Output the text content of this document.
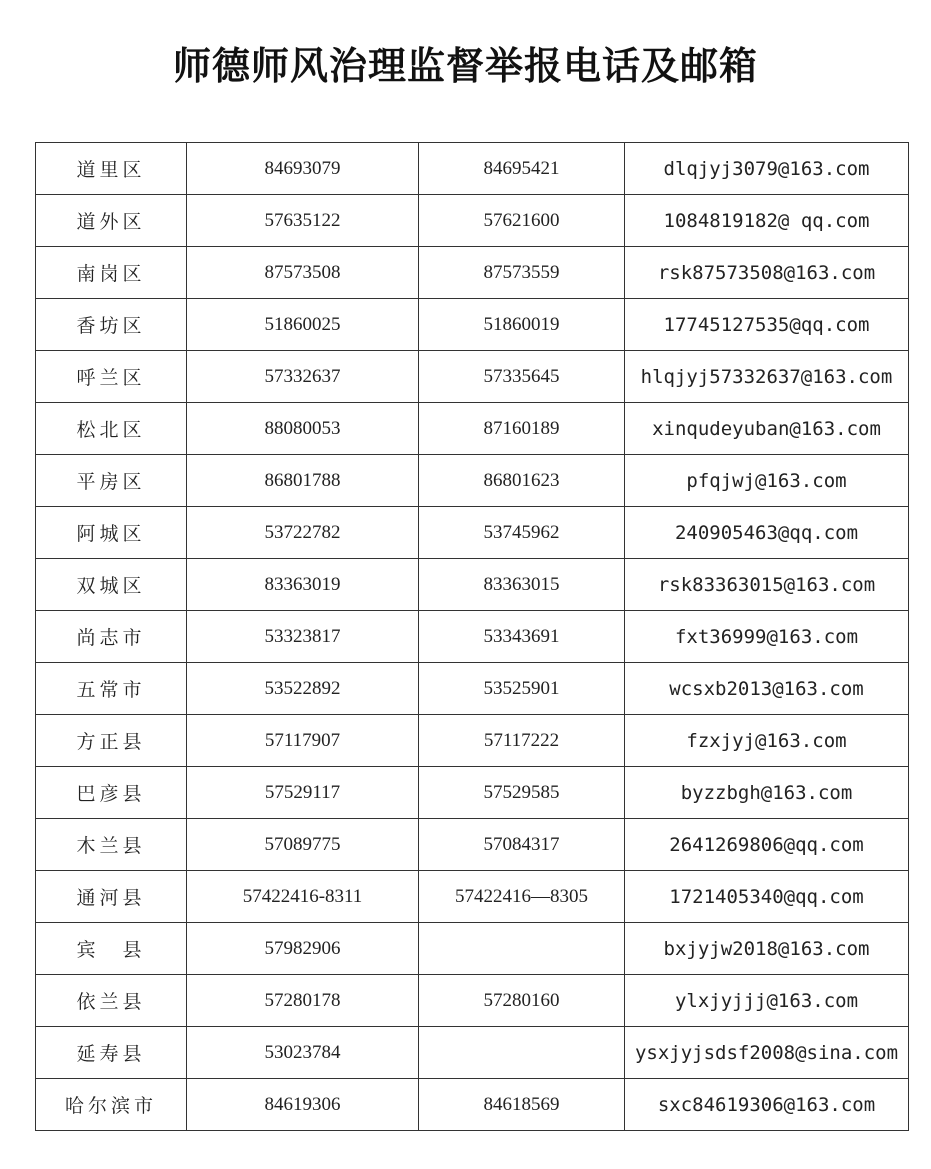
师德师风治理监督举报电话及邮箱
道里区	84693079	84695421	dlqjyj3079@163.com
道外区	57635122	57621600	1084819182@ qq.com
南岗区	87573508	87573559	rsk87573508@163.com
香坊区	51860025	51860019	17745127535@qq.com
呼兰区	57332637	57335645	hlqjyj57332637@163.com
松北区	88080053	87160189	xinqudeyuban@163.com
平房区	86801788	86801623	pfqjwj@163.com
阿城区	53722782	53745962	240905463@qq.com
双城区	83363019	83363015	rsk83363015@163.com
尚志市	53323817	53343691	fxt36999@163.com
五常市	53522892	53525901	wcsxb2013@163.com
方正县	57117907	57117222	fzxjyj@163.com
巴彦县	57529117	57529585	byzzbgh@163.com
木兰县	57089775	57084317	2641269806@qq.com
通河县	57422416-8311	57422416—8305	1721405340@qq.com
宾　县	57982906		bxjyjw2018@163.com
依兰县	57280178	57280160	ylxjyjjj@163.com
延寿县	53023784		ysxjyjsdsf2008@sina.com
哈尔滨市	84619306	84618569	sxc84619306@163.com
